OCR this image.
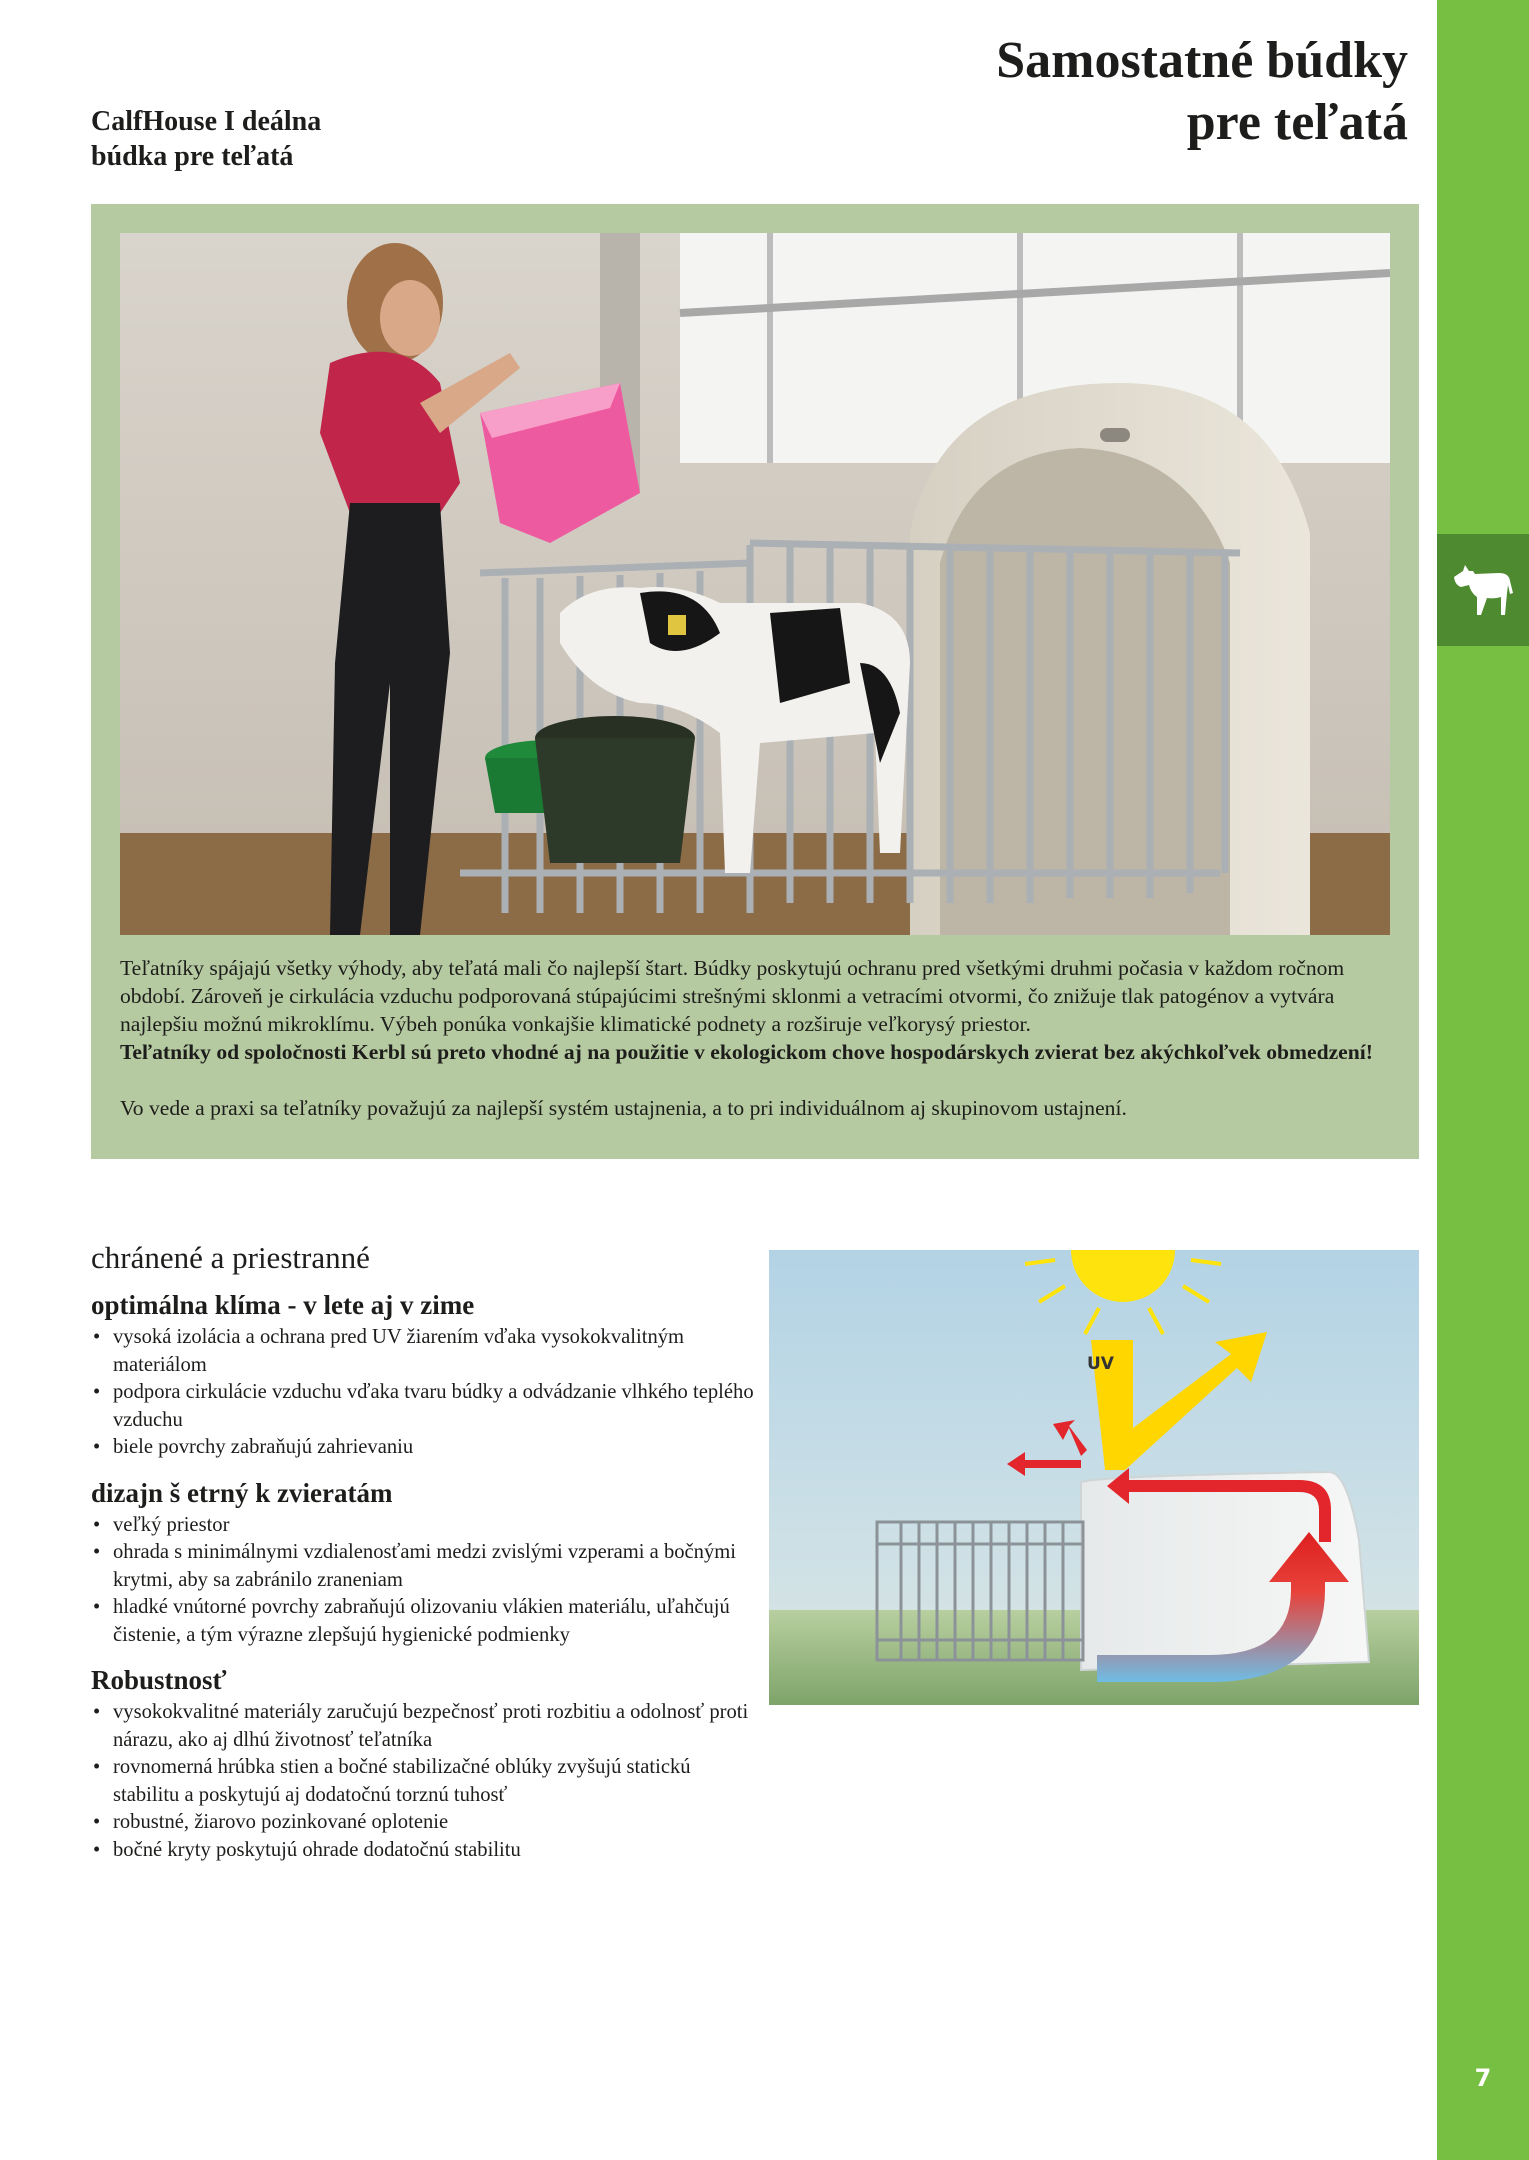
CalfHouse I deálna
búdka pre teľatá
Samostatné búdky
pre teľatá

Teľatníky spájajú všetky výhody, aby teľatá mali čo najlepší štart. Búdky poskytujú ochranu pred všetkými druhmi počasia v každom ročnom období. Zároveň je cirkulácia vzduchu podporovaná stúpajúcimi strešnými sklonmi a vetracími otvormi, čo znižuje tlak patogénov a vytvára najlepšiu možnú mikroklímu. Výbeh ponúka vonkajšie klimatické podnety a rozširuje veľkorysý priestor.

Teľatníky od spoločnosti Kerbl sú preto vhodné aj na použitie v ekologickom chove hospodárskych zvierat bez akýchkoľvek obmedzení!

Vo vede a praxi sa teľatníky považujú za najlepší systém ustajnenia, a to pri individuálnom aj skupinovom ustajnení.

chránené a priestranné
optimálna klíma - v lete aj v zime
• vysoká izolácia a ochrana pred UV žiarením vďaka vysokokvalitným materiálom
• podpora cirkulácie vzduchu vďaka tvaru búdky a odvádzanie vlhkého teplého vzduchu
• biele povrchy zabraňujú zahrievaniu
dizajn š etrný k zvieratám
• veľký priestor
• ohrada s minimálnymi vzdialenosťami medzi zvislými vzperami a bočnými krytmi, aby sa zabránilo zraneniam
• hladké vnútorné povrchy zabraňujú olizovaniu vlákien materiálu, uľahčujú čistenie, a tým výrazne zlepšujú hygienické podmienky
Robustnosť
• vysokokvalitné materiály zaručujú bezpečnosť proti rozbitiu a odolnosť proti nárazu, ako aj dlhú životnosť teľatníka
• rovnomerná hrúbka stien a bočné stabilizačné oblúky zvyšujú statickú stabilitu a poskytujú aj dodatočnú torznú tuhosť
• robustné, žiarovo pozinkované oplotenie
• bočné kryty poskytujú ohrade dodatočnú stabilitu
UV
7
